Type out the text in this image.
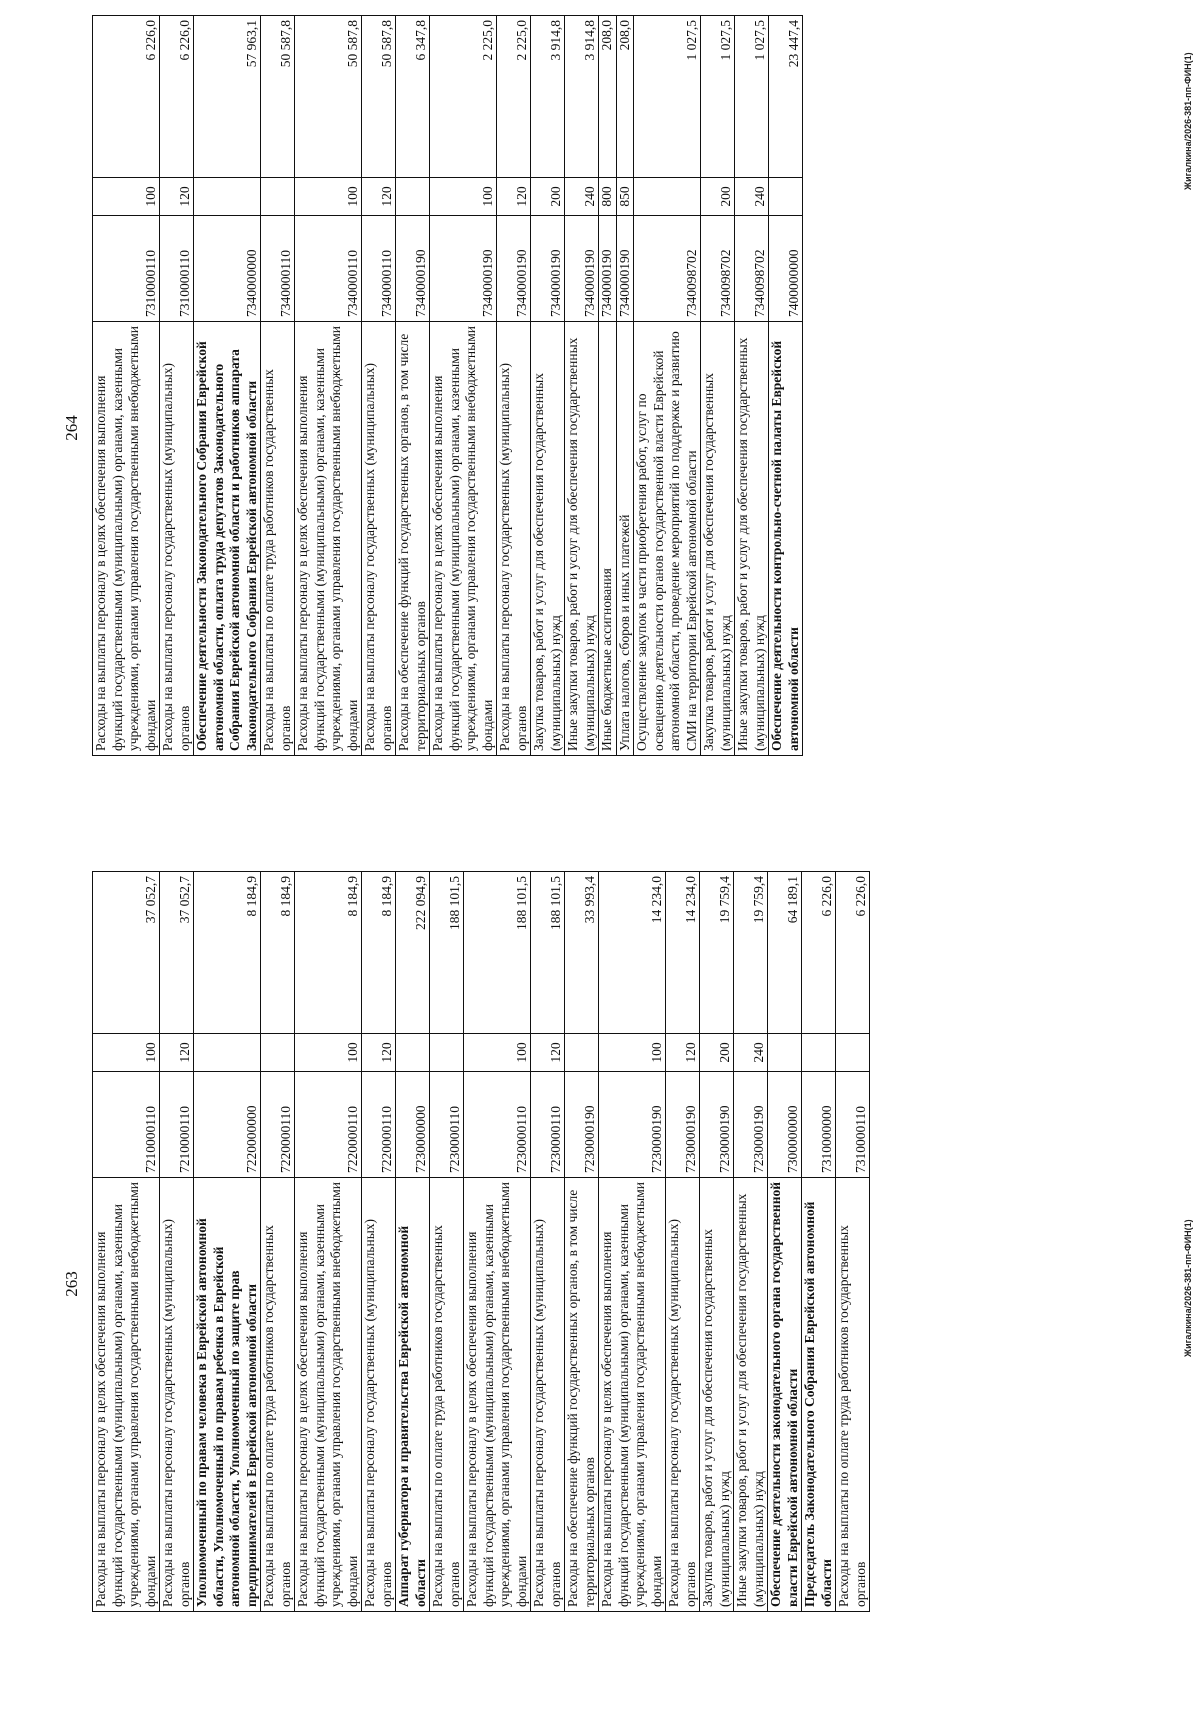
263 Расходы на выплаты персоналу в целях обеспечения выполнения функций государственными (муниципальными) органами, казенными учреждениями, органами управления государственными внебюджетными фондами	7210000110	100	37 052,7
Расходы на выплаты персоналу государственных (муниципальных) органов	7210000110	120	37 052,7
Уполномоченный по правам человека в Еврейской автономной области, Уполномоченный по правам ребенка в Еврейской автономной области, Уполномоченный по защите прав предпринимателей в Еврейской автономной области	7220000000		8 184,9
Расходы на выплаты по оплате труда работников государственных органов	7220000110		8 184,9
Расходы на выплаты персоналу в целях обеспечения выполнения функций государственными (муниципальными) органами, казенными учреждениями, органами управления государственными внебюджетными фондами	7220000110	100	8 184,9
Расходы на выплаты персоналу государственных (муниципальных) органов	7220000110	120	8 184,9
Аппарат губернатора и правительства Еврейской автономной области	7230000000		222 094,9
Расходы на выплаты по оплате труда работников государственных органов	7230000110		188 101,5
Расходы на выплаты персоналу в целях обеспечения выполнения функций государственными (муниципальными) органами, казенными учреждениями, органами управления государственными внебюджетными фондами	7230000110	100	188 101,5
Расходы на выплаты персоналу государственных (муниципальных) органов	7230000110	120	188 101,5
Расходы на обеспечение функций государственных органов, в том числе территориальных органов	7230000190		33 993,4
Расходы на выплаты персоналу в целях обеспечения выполнения функций государственными (муниципальными) органами, казенными учреждениями, органами управления государственными внебюджетными фондами	7230000190	100	14 234,0
Расходы на выплаты персоналу государственных (муниципальных) органов	7230000190	120	14 234,0
Закупка товаров, работ и услуг для обеспечения государственных (муниципальных) нужд	7230000190	200	19 759,4
Иные закупки товаров, работ и услуг для обеспечения государственных (муниципальных) нужд	7230000190	240	19 759,4
Обеспечение деятельности законодательного органа государственной власти Еврейской автономной области	7300000000		64 189,1
Председатель Законодательного Собрания Еврейской автономной области	7310000000		6 226,0
Расходы на выплаты по оплате труда работников государственных органов	7310000110		6 226,0
Жигалкина/2026-381-пп-ФИН(1)
264 Расходы на выплаты персоналу в целях обеспечения выполнения функций государственными (муниципальными) органами, казенными учреждениями, органами управления государственными внебюджетными фондами	7310000110	100	6 226,0
Расходы на выплаты персоналу государственных (муниципальных) органов	7310000110	120	6 226,0
Обеспечение деятельности Законодательного Собрания Еврейской автономной области, оплата труда депутатов Законодательного Собрания Еврейской автономной области и работников аппарата Законодательного Собрания Еврейской автономной области	7340000000		57 963,1
Расходы на выплаты по оплате труда работников государственных органов	7340000110		50 587,8
Расходы на выплаты персоналу в целях обеспечения выполнения функций государственными (муниципальными) органами, казенными учреждениями, органами управления государственными внебюджетными фондами	7340000110	100	50 587,8
Расходы на выплаты персоналу государственных (муниципальных) органов	7340000110	120	50 587,8
Расходы на обеспечение функций государственных органов, в том числе территориальных органов	7340000190		6 347,8
Расходы на выплаты персоналу в целях обеспечения выполнения функций государственными (муниципальными) органами, казенными учреждениями, органами управления государственными внебюджетными фондами	7340000190	100	2 225,0
Расходы на выплаты персоналу государственных (муниципальных) органов	7340000190	120	2 225,0
Закупка товаров, работ и услуг для обеспечения государственных (муниципальных) нужд	7340000190	200	3 914,8
Иные закупки товаров, работ и услуг для обеспечения государственных (муниципальных) нужд	7340000190	240	3 914,8
Иные бюджетные ассигнования	7340000190	800	208,0
Уплата налогов, сборов и иных платежей	7340000190	850	208,0
Осуществление закупок в части приобретения работ, услуг по освещению деятельности органов государственной власти Еврейской автономной области, проведение мероприятий по поддержке и развитию СМИ на территории Еврейской автономной области	7340098702		1 027,5
Закупка товаров, работ и услуг для обеспечения государственных (муниципальных) нужд	7340098702	200	1 027,5
Иные закупки товаров, работ и услуг для обеспечения государственных (муниципальных) нужд	7340098702	240	1 027,5
Обеспечение деятельности контрольно-счетной палаты Еврейской автономной области	7400000000		23 447,4
Жигалкина/2026-381-пп-ФИН(1)
